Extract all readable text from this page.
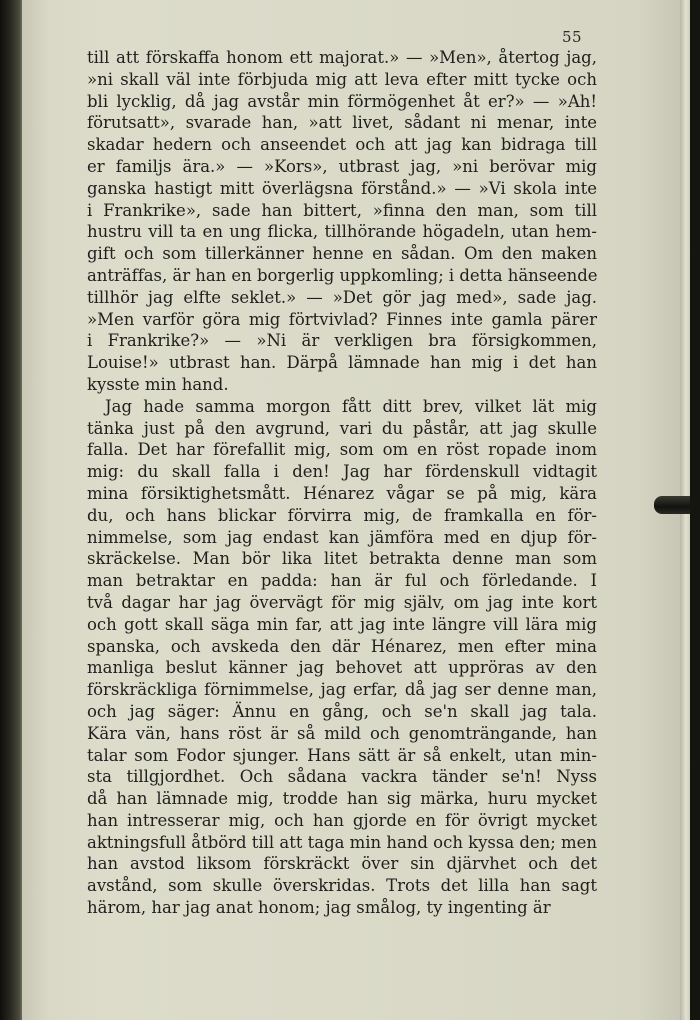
55

till att förskaffa honom ett majorat.» — »Men», återtog jag,
»ni skall väl inte förbjuda mig att leva efter mitt tycke och
bli lycklig, då jag avstår min förmögenhet åt er?» — »Ah!
förutsatt», svarade han, »att livet, sådant ni menar, inte
skadar hedern och anseendet och att jag kan bidraga till
er familjs ära.» — »Kors», utbrast jag, »ni berövar mig
ganska hastigt mitt överlägsna förstånd.» — »Vi skola inte
i Frankrike», sade han bittert, »finna den man, som till
hustru vill ta en ung flicka, tillhörande högadeln, utan hem-
gift och som tillerkänner henne en sådan. Om den maken
anträffas, är han en borgerlig uppkomling; i detta hänseende
tillhör jag elfte seklet.» — »Det gör jag med», sade jag.
»Men varför göra mig förtvivlad? Finnes inte gamla pärer
i Frankrike?» — »Ni är verkligen bra försigkommen,
Louise!» utbrast han. Därpå lämnade han mig i det han
kysste min hand.
Jag hade samma morgon fått ditt brev, vilket lät mig
tänka just på den avgrund, vari du påstår, att jag skulle
falla. Det har förefallit mig, som om en röst ropade inom
mig: du skall falla i den! Jag har fördenskull vidtagit
mina försiktighetsmått. Hénarez vågar se på mig, kära
du, och hans blickar förvirra mig, de framkalla en för-
nimmelse, som jag endast kan jämföra med en djup för-
skräckelse. Man bör lika litet betrakta denne man som
man betraktar en padda: han är ful och förledande. I
två dagar har jag övervägt för mig själv, om jag inte kort
och gott skall säga min far, att jag inte längre vill lära mig
spanska, och avskeda den där Hénarez, men efter mina
manliga beslut känner jag behovet att uppröras av den
förskräckliga förnimmelse, jag erfar, då jag ser denne man,
och jag säger: Ännu en gång, och se'n skall jag tala.
Kära vän, hans röst är så mild och genomträngande, han
talar som Fodor sjunger. Hans sätt är så enkelt, utan min-
sta tillgjordhet. Och sådana vackra tänder se'n! Nyss
då han lämnade mig, trodde han sig märka, huru mycket
han intresserar mig, och han gjorde en för övrigt mycket
aktningsfull åtbörd till att taga min hand och kyssa den; men
han avstod liksom förskräckt över sin djärvhet och det
avstånd, som skulle överskridas. Trots det lilla han sagt
härom, har jag anat honom; jag smålog, ty ingenting är
